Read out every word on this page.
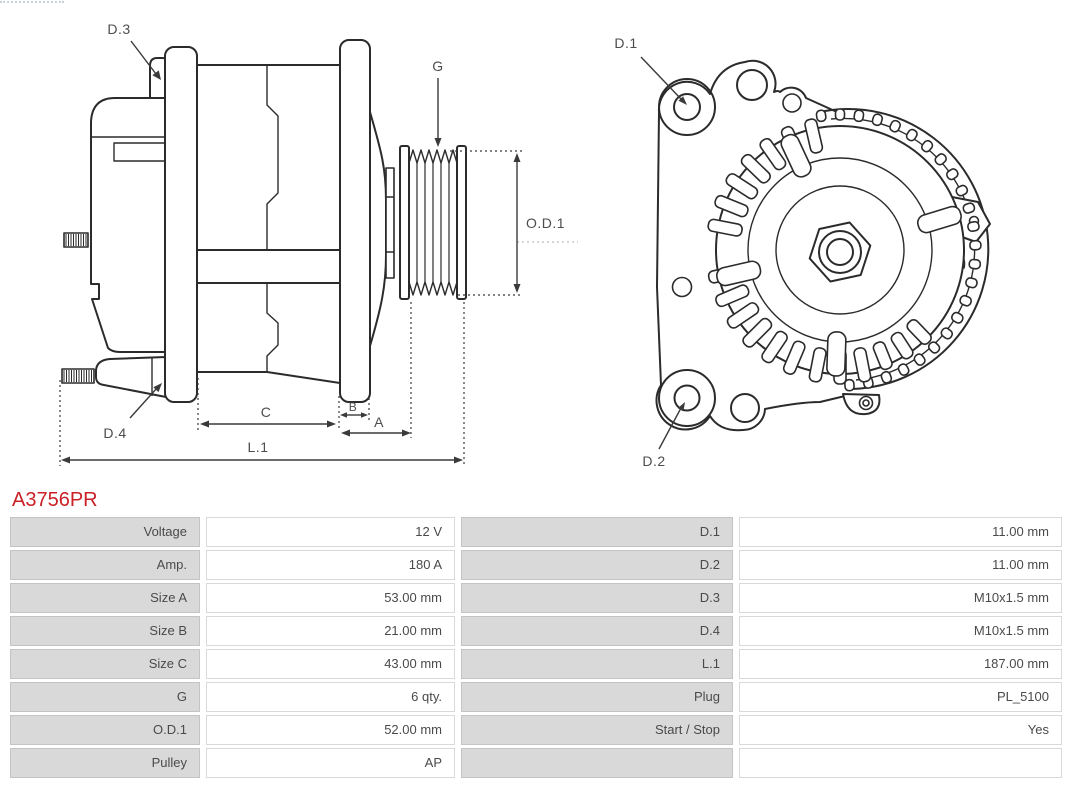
D.3
G
O.D.1
D.4
C	B
A
L.1
D.1
D.2
A3756PR
Voltage	12 V	D.1	11.00 mm
Amp.	180 A	D.2	11.00 mm
Size A	53.00 mm	D.3	M10x1.5 mm
Size B	21.00 mm	D.4	M10x1.5 mm
Size C	43.00 mm	L.1	187.00 mm
G	6 qty.	Plug	PL_5100
O.D.1	52.00 mm	Start / Stop	Yes
Pulley	AP
